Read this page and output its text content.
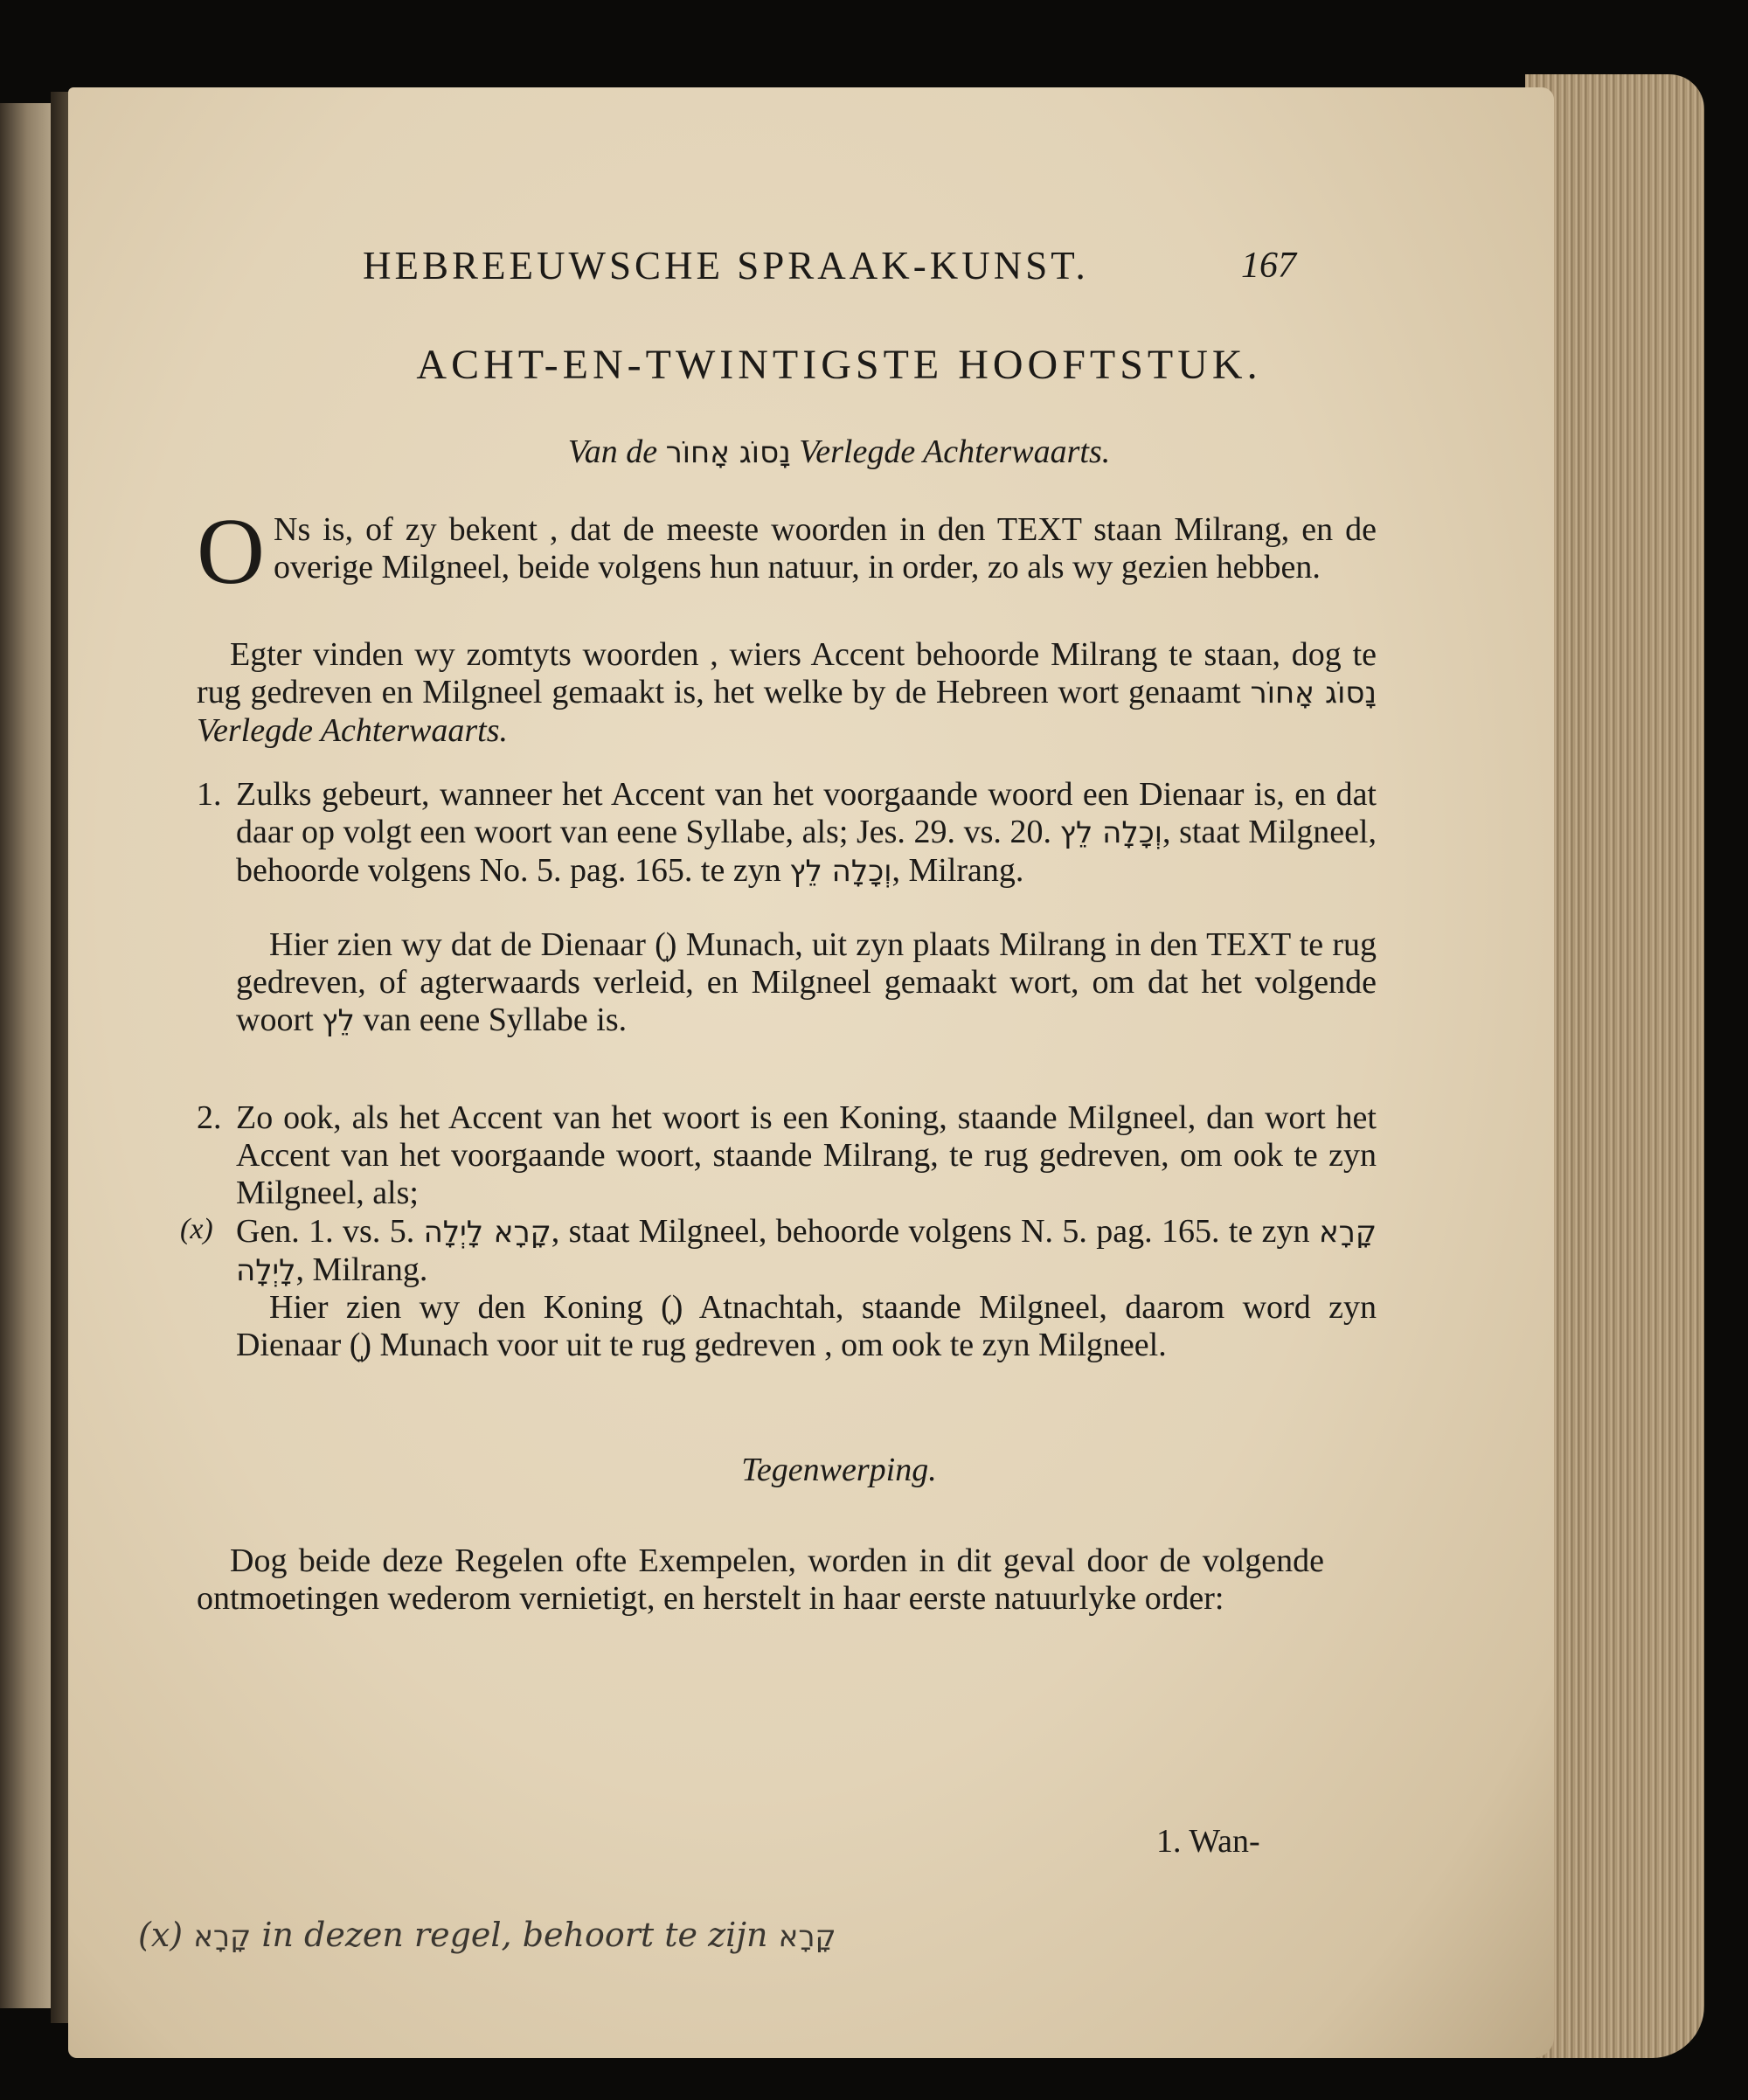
HEBREEUWSCHE SPRAAK-KUNST.	167

ACHT-EN-TWINTIGSTE HOOFTSTUK.

Van de נָסוֹג אָחוֹר Verlegde Achterwaarts.

O Ns is, of zy bekent , dat de meeste woorden in den TEXT staan Milrang, en de overige Milgneel, beide volgens hun natuur, in order, zo als wy gezien hebben.

Egter vinden wy zomtyts woorden , wiers Accent behoorde Milrang te staan, dog te rug gedreven en Milgneel gemaakt is, het welke by de Hebreen wort genaamt נָסוֹג אָחוֹר Verlegde Achterwaarts.

1. Zulks gebeurt, wanneer het Accent van het voorgaande woord een Dienaar is, en dat daar op volgt een woort van eene Syllabe, als; Jes. 29. vs. 20. וְכָלָה לֵץ, staat Milgneel, behoorde volgens No. 5. pag. 165. te zyn וְכָלָה לֵץ, Milrang.

Hier zien wy dat de Dienaar (֣) Munach, uit zyn plaats Milrang in den TEXT te rug gedreven, of agterwaards verleid, en Milgneel gemaakt wort, om dat het volgende woort לֵץ van eene Syllabe is.

2. Zo ook, als het Accent van het woort is een Koning, staande Milgneel, dan wort het Accent van het voorgaande woort, staande Milrang, te rug gedreven, om ook te zyn Milgneel, als;

(x) Gen. 1. vs. 5. קָרָא לָיְלָה, staat Milgneel, behoorde volgens N. 5. pag. 165. te zyn קָרָא לָיְלָה, Milrang.

Hier zien wy den Koning (֑) Atnachtah, staande Milgneel, daarom word zyn Dienaar (֣) Munach voor uit te rug gedreven , om ook te zyn Milgneel.

Tegenwerping.

Dog beide deze Regelen ofte Exempelen, worden in dit geval door de volgende ontmoetingen wederom vernietigt, en herstelt in haar eerste natuurlyke order:

1. Wan-

(x) קָרָא in dezen regel, behoort te zijn קָרָא
